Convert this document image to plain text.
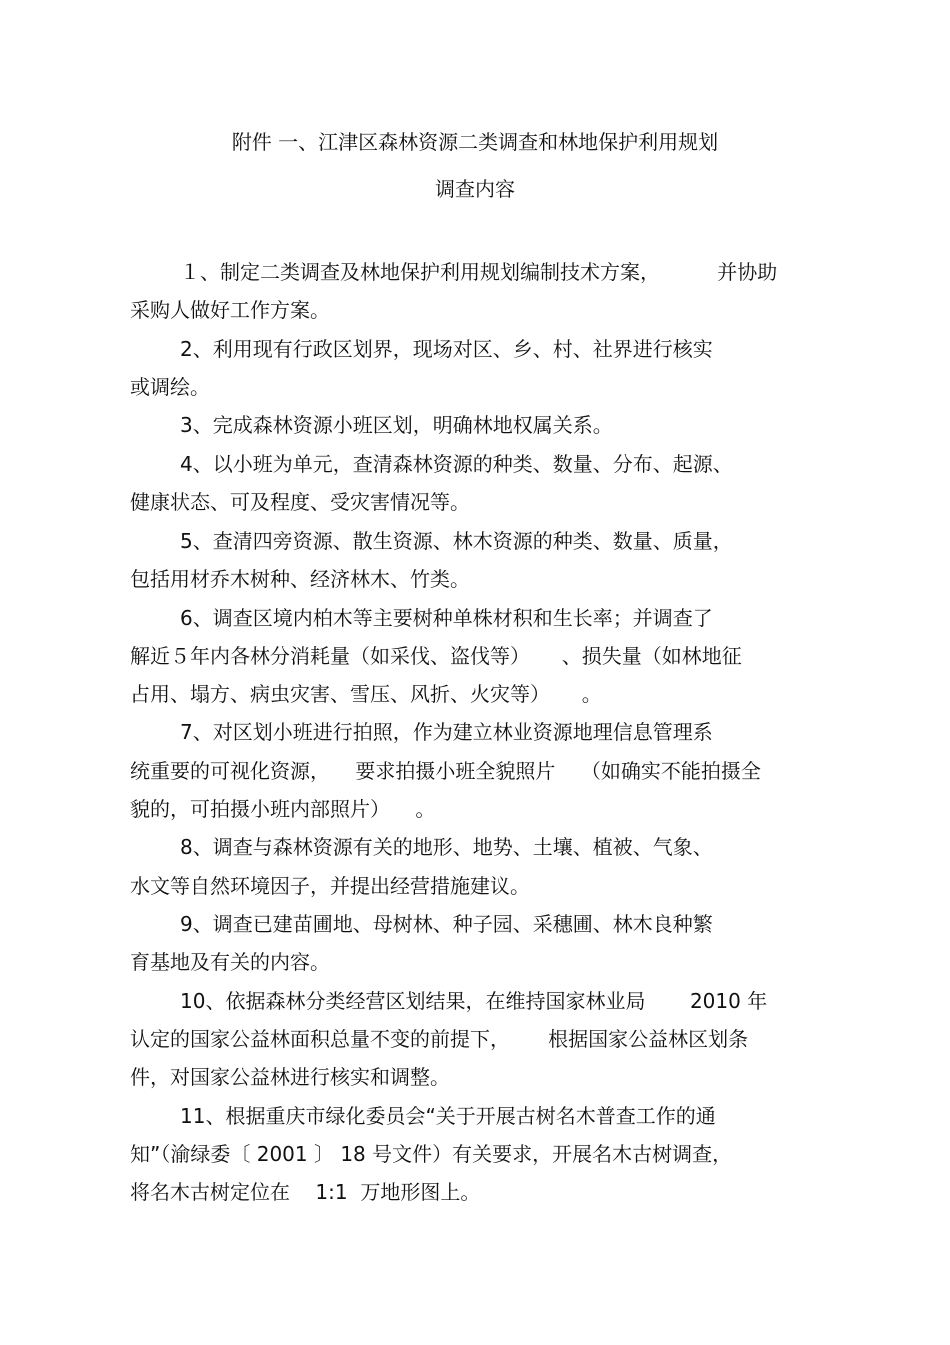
附件 一、江津区森林资源二类调查和林地保护利用规划
调查内容
１、制定二类调查及林地保护利用规划编制技术方案，         并协助
采购人做好工作方案。
2、利用现有行政区划界，现场对区、乡、村、社界进行核实
或调绘。
3、完成森林资源小班区划，明确林地权属关系。
4、以小班为单元，查清森林资源的种类、数量、分布、起源、
健康状态、可及程度、受灾害情况等。
5、查清四旁资源、散生资源、林木资源的种类、数量、质量，
包括用材乔木树种、经济林木、竹类。
6、调查区境内柏木等主要树种单株材积和生长率；并调查了
解近５年内各林分消耗量（如采伐、盗伐等）     、损失量（如林地征
占用、塌方、病虫灾害、雪压、风折、火灾等）     。
7、对区划小班进行拍照，作为建立林业资源地理信息管理系
统重要的可视化资源，    要求拍摄小班全貌照片    （如确实不能拍摄全
貌的，可拍摄小班内部照片）    。
8、调查与森林资源有关的地形、地势、土壤、植被、气象、
水文等自然环境因子，并提出经营措施建议。
9、调查已建苗圃地、母树林、种子园、采穗圃、林木良种繁
育基地及有关的内容。
10、依据森林分类经营区划结果，在维持国家林业局       2010 年
认定的国家公益林面积总量不变的前提下，      根据国家公益林区划条
件，对国家公益林进行核实和调整。
11、根据重庆市绿化委员会“关于开展古树名木普查工作的通
知”（渝绿委〔 2001 〕 18 号文件）有关要求，开展名木古树调查，
将名木古树定位在    1:1  万地形图上。
